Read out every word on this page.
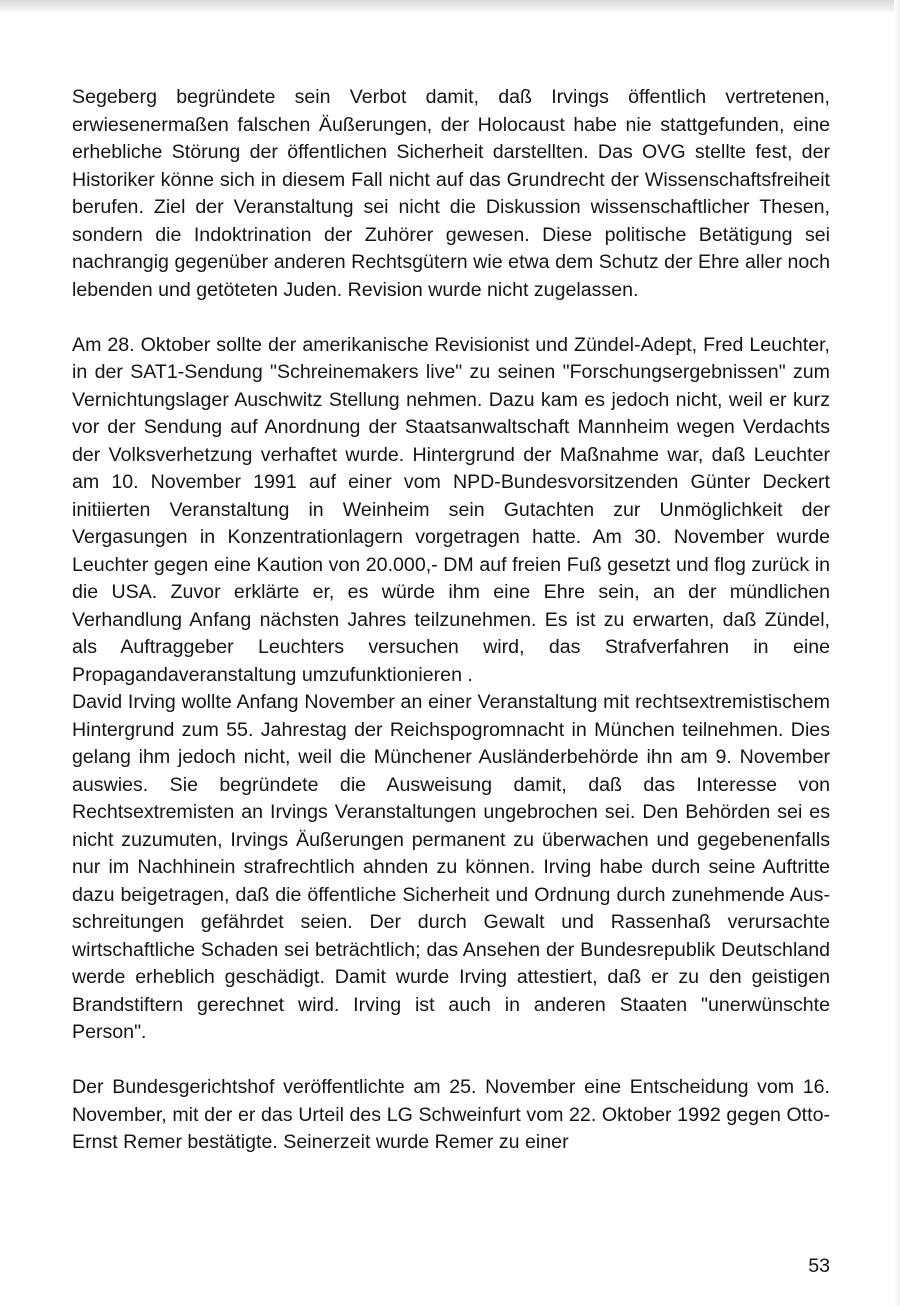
Segeberg begründete sein Verbot damit, daß Irvings öffentlich vertretenen, erwiesenermaßen falschen Äußerungen, der Holocaust habe nie stattgefunden, eine erhebliche Störung der öffentlichen Sicherheit darstellten. Das OVG stellte fest, der Historiker könne sich in diesem Fall nicht auf das Grundrecht der Wissenschaftsfreiheit berufen. Ziel der Veranstaltung sei nicht die Diskussion wissenschaftlicher Thesen, sondern die Indoktrination der Zuhörer gewesen. Diese politische Betätigung sei nachrangig gegenüber anderen Rechtsgütern wie etwa dem Schutz der Ehre aller noch lebenden und getöteten Juden. Revision wurde nicht zugelassen.

Am 28. Oktober sollte der amerikanische Revisionist und Zündel-Adept, Fred Leuchter, in der SAT1-Sendung "Schreinemakers live" zu seinen "Forschungsergebnissen" zum Vernichtungslager Auschwitz Stellung nehmen. Dazu kam es jedoch nicht, weil er kurz vor der Sendung auf Anordnung der Staatsanwaltschaft Mannheim wegen Verdachts der Volksverhetzung verhaftet wurde. Hintergrund der Maßnahme war, daß Leuchter am 10. November 1991 auf einer vom NPD-Bundesvorsitzenden Günter Deckert initiierten Veranstaltung in Weinheim sein Gutachten zur Unmöglichkeit der Vergasungen in Konzentrationlagern vorgetragen hatte. Am 30. November wurde Leuchter gegen eine Kaution von 20.000,- DM auf freien Fuß gesetzt und flog zurück in die USA. Zuvor erklärte er, es würde ihm eine Ehre sein, an der mündlichen Verhandlung Anfang nächsten Jahres teilzunehmen. Es ist zu erwarten, daß Zündel, als Auftraggeber Leuchters versuchen wird, das Strafverfahren in eine Propagandaveranstaltung umzufunktionieren .

David Irving wollte Anfang November an einer Veranstaltung mit rechtsextremistischem Hintergrund zum 55. Jahrestag der Reichspogromnacht in München teilnehmen. Dies gelang ihm jedoch nicht, weil die Münchener Ausländerbehörde ihn am 9. November auswies. Sie begründete die Ausweisung damit, daß das Interesse von Rechtsextremisten an Irvings Veranstaltungen ungebrochen sei. Den Behörden sei es nicht zuzumuten, Irvings Äußerungen permanent zu überwachen und gegebenenfalls nur im Nachhinein strafrechtlich ahnden zu können. Irving habe durch seine Auftritte dazu beigetragen, daß die öffentliche Sicherheit und Ordnung durch zunehmende Ausschreitungen gefährdet seien. Der durch Gewalt und Rassenhaß verursachte wirtschaftliche Schaden sei beträchtlich; das Ansehen der Bundesrepublik Deutschland werde erheblich geschädigt. Damit wurde Irving attestiert, daß er zu den geistigen Brandstiftern gerechnet wird. Irving ist auch in anderen Staaten "unerwünschte Person".

Der Bundesgerichtshof veröffentlichte am 25. November eine Entscheidung vom 16. November, mit der er das Urteil des LG Schweinfurt vom 22. Oktober 1992 gegen Otto-Ernst Remer bestätigte. Seinerzeit wurde Remer zu einer

53
